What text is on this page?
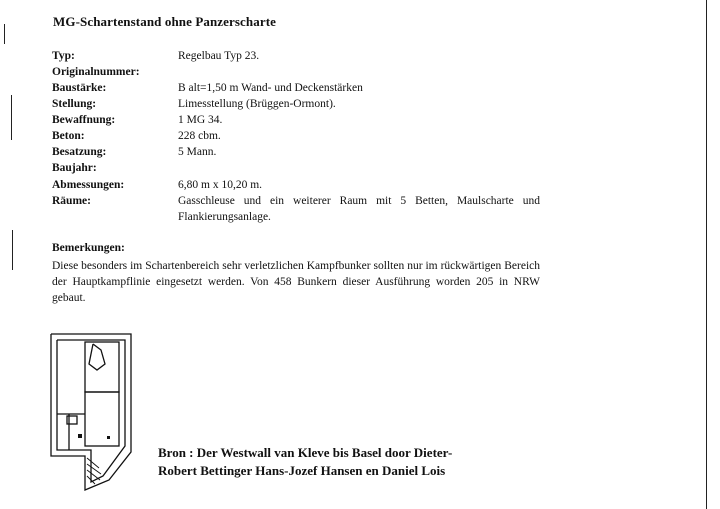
MG-Schartenstand ohne Panzerscharte
Typ:	Regelbau Typ 23.
Originalnummer:
Baustärke:	B alt=1,50 m Wand- und Deckenstärken
Stellung:	Limesstellung (Brüggen-Ormont).
Bewaffnung:	1 MG 34.
Beton:	228 cbm.
Besatzung:	5 Mann.
Baujahr:
Abmessungen:	6,80 m x 10,20 m.
Räume:	Gasschleuse und ein weiterer Raum mit 5 Betten, Maulscharte und Flankierungsanlage.
Bemerkungen:
Diese besonders im Schartenbereich sehr verletzlichen Kampfbunker sollten nur im rückwärtigen Bereich der Hauptkampflinie eingesetzt werden. Von 458 Bunkern dieser Ausführung worden 205 in NRW gebaut.
Bron : Der Westwall van Kleve bis Basel door Dieter-
Robert Bettinger Hans-Jozef Hansen en Daniel Lois
